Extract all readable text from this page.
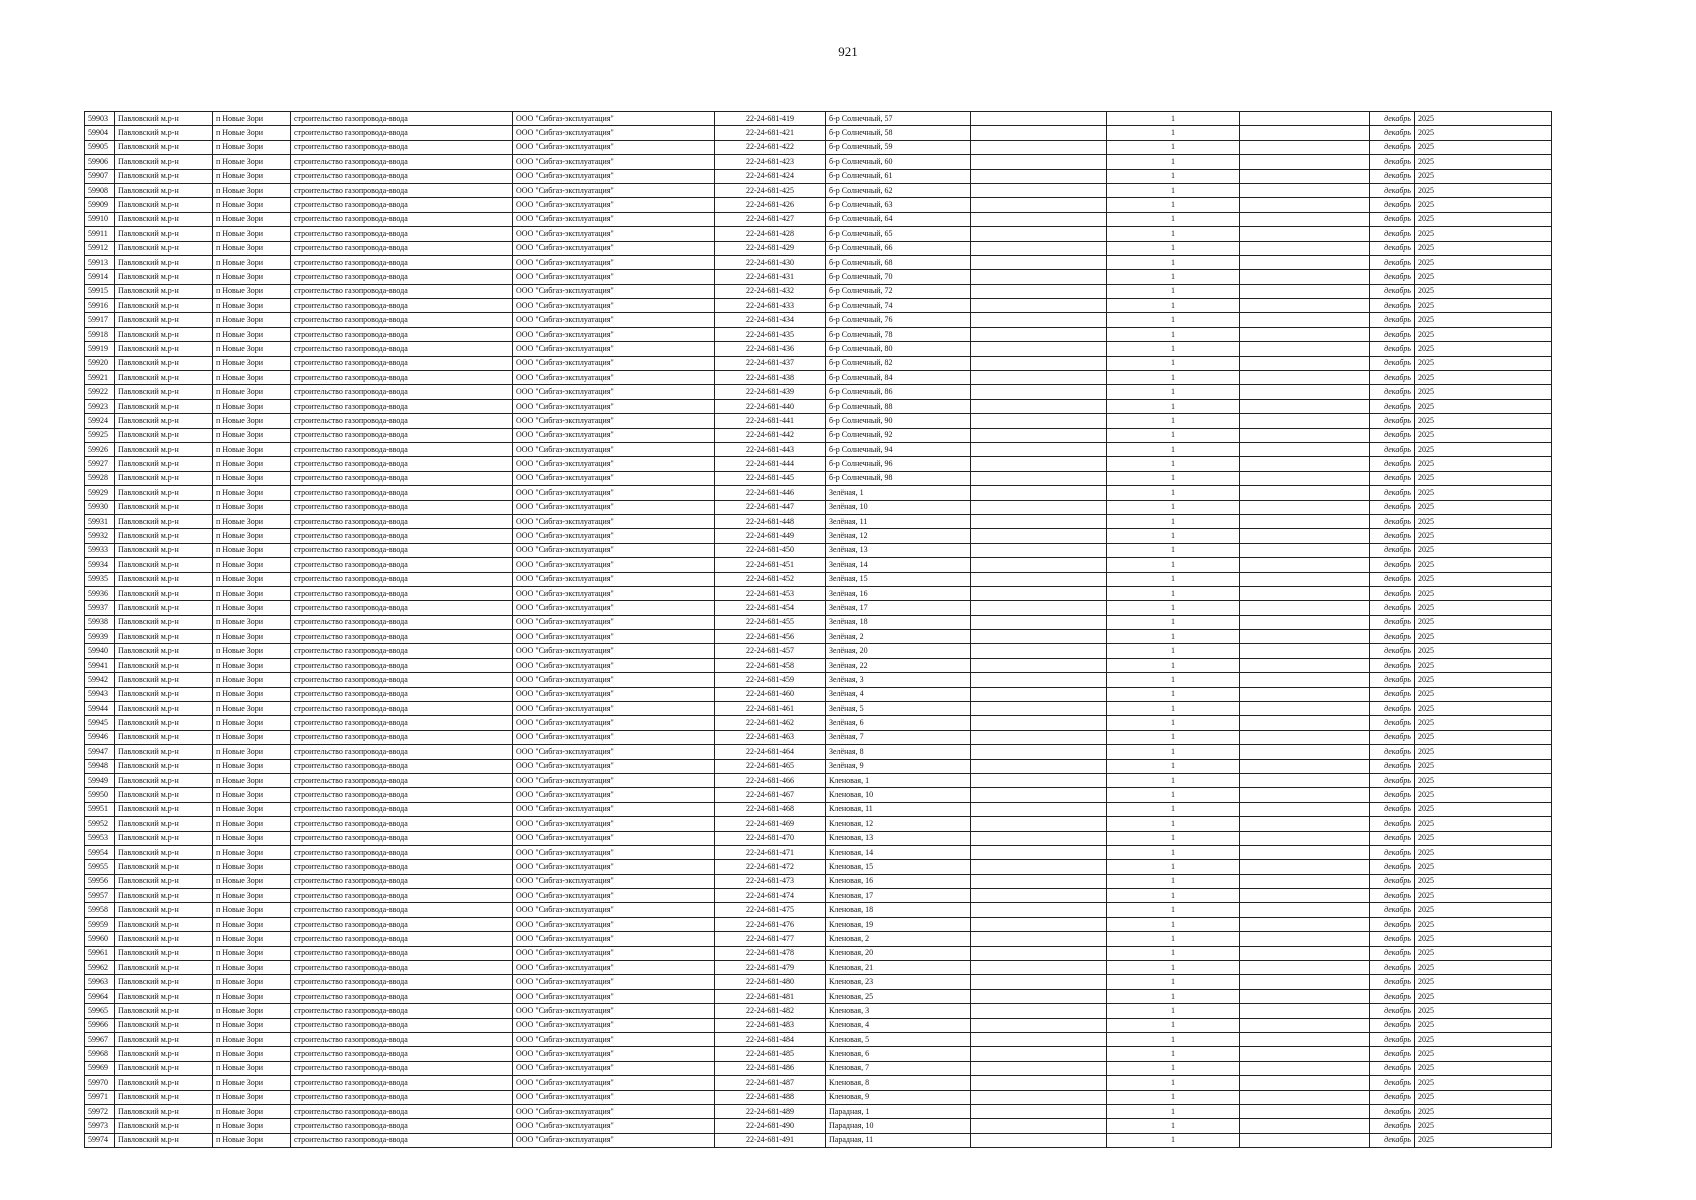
921
59903	Павловский м.р-н	п Новые Зори	строительство газопровода-ввода	ООО "Сибгаз-эксплуатация"	22-24-681-419	б-р Солнечный, 57		1		декабрь	2025
59904	Павловский м.р-н	п Новые Зори	строительство газопровода-ввода	ООО "Сибгаз-эксплуатация"	22-24-681-421	б-р Солнечный, 58		1		декабрь	2025
59905	Павловский м.р-н	п Новые Зори	строительство газопровода-ввода	ООО "Сибгаз-эксплуатация"	22-24-681-422	б-р Солнечный, 59		1		декабрь	2025
59906	Павловский м.р-н	п Новые Зори	строительство газопровода-ввода	ООО "Сибгаз-эксплуатация"	22-24-681-423	б-р Солнечный, 60		1		декабрь	2025
59907	Павловский м.р-н	п Новые Зори	строительство газопровода-ввода	ООО "Сибгаз-эксплуатация"	22-24-681-424	б-р Солнечный, 61		1		декабрь	2025
59908	Павловский м.р-н	п Новые Зори	строительство газопровода-ввода	ООО "Сибгаз-эксплуатация"	22-24-681-425	б-р Солнечный, 62		1		декабрь	2025
59909	Павловский м.р-н	п Новые Зори	строительство газопровода-ввода	ООО "Сибгаз-эксплуатация"	22-24-681-426	б-р Солнечный, 63		1		декабрь	2025
59910	Павловский м.р-н	п Новые Зори	строительство газопровода-ввода	ООО "Сибгаз-эксплуатация"	22-24-681-427	б-р Солнечный, 64		1		декабрь	2025
59911	Павловский м.р-н	п Новые Зори	строительство газопровода-ввода	ООО "Сибгаз-эксплуатация"	22-24-681-428	б-р Солнечный, 65		1		декабрь	2025
59912	Павловский м.р-н	п Новые Зори	строительство газопровода-ввода	ООО "Сибгаз-эксплуатация"	22-24-681-429	б-р Солнечный, 66		1		декабрь	2025
59913	Павловский м.р-н	п Новые Зори	строительство газопровода-ввода	ООО "Сибгаз-эксплуатация"	22-24-681-430	б-р Солнечный, 68		1		декабрь	2025
59914	Павловский м.р-н	п Новые Зори	строительство газопровода-ввода	ООО "Сибгаз-эксплуатация"	22-24-681-431	б-р Солнечный, 70		1		декабрь	2025
59915	Павловский м.р-н	п Новые Зори	строительство газопровода-ввода	ООО "Сибгаз-эксплуатация"	22-24-681-432	б-р Солнечный, 72		1		декабрь	2025
59916	Павловский м.р-н	п Новые Зори	строительство газопровода-ввода	ООО "Сибгаз-эксплуатация"	22-24-681-433	б-р Солнечный, 74		1		декабрь	2025
59917	Павловский м.р-н	п Новые Зори	строительство газопровода-ввода	ООО "Сибгаз-эксплуатация"	22-24-681-434	б-р Солнечный, 76		1		декабрь	2025
59918	Павловский м.р-н	п Новые Зори	строительство газопровода-ввода	ООО "Сибгаз-эксплуатация"	22-24-681-435	б-р Солнечный, 78		1		декабрь	2025
59919	Павловский м.р-н	п Новые Зори	строительство газопровода-ввода	ООО "Сибгаз-эксплуатация"	22-24-681-436	б-р Солнечный, 80		1		декабрь	2025
59920	Павловский м.р-н	п Новые Зори	строительство газопровода-ввода	ООО "Сибгаз-эксплуатация"	22-24-681-437	б-р Солнечный, 82		1		декабрь	2025
59921	Павловский м.р-н	п Новые Зори	строительство газопровода-ввода	ООО "Сибгаз-эксплуатация"	22-24-681-438	б-р Солнечный, 84		1		декабрь	2025
59922	Павловский м.р-н	п Новые Зори	строительство газопровода-ввода	ООО "Сибгаз-эксплуатация"	22-24-681-439	б-р Солнечный, 86		1		декабрь	2025
59923	Павловский м.р-н	п Новые Зори	строительство газопровода-ввода	ООО "Сибгаз-эксплуатация"	22-24-681-440	б-р Солнечный, 88		1		декабрь	2025
59924	Павловский м.р-н	п Новые Зори	строительство газопровода-ввода	ООО "Сибгаз-эксплуатация"	22-24-681-441	б-р Солнечный, 90		1		декабрь	2025
59925	Павловский м.р-н	п Новые Зори	строительство газопровода-ввода	ООО "Сибгаз-эксплуатация"	22-24-681-442	б-р Солнечный, 92		1		декабрь	2025
59926	Павловский м.р-н	п Новые Зори	строительство газопровода-ввода	ООО "Сибгаз-эксплуатация"	22-24-681-443	б-р Солнечный, 94		1		декабрь	2025
59927	Павловский м.р-н	п Новые Зори	строительство газопровода-ввода	ООО "Сибгаз-эксплуатация"	22-24-681-444	б-р Солнечный, 96		1		декабрь	2025
59928	Павловский м.р-н	п Новые Зори	строительство газопровода-ввода	ООО "Сибгаз-эксплуатация"	22-24-681-445	б-р Солнечный, 98		1		декабрь	2025
59929	Павловский м.р-н	п Новые Зори	строительство газопровода-ввода	ООО "Сибгаз-эксплуатация"	22-24-681-446	Зелёная, 1		1		декабрь	2025
59930	Павловский м.р-н	п Новые Зори	строительство газопровода-ввода	ООО "Сибгаз-эксплуатация"	22-24-681-447	Зелёная, 10		1		декабрь	2025
59931	Павловский м.р-н	п Новые Зори	строительство газопровода-ввода	ООО "Сибгаз-эксплуатация"	22-24-681-448	Зелёная, 11		1		декабрь	2025
59932	Павловский м.р-н	п Новые Зори	строительство газопровода-ввода	ООО "Сибгаз-эксплуатация"	22-24-681-449	Зелёная, 12		1		декабрь	2025
59933	Павловский м.р-н	п Новые Зори	строительство газопровода-ввода	ООО "Сибгаз-эксплуатация"	22-24-681-450	Зелёная, 13		1		декабрь	2025
59934	Павловский м.р-н	п Новые Зори	строительство газопровода-ввода	ООО "Сибгаз-эксплуатация"	22-24-681-451	Зелёная, 14		1		декабрь	2025
59935	Павловский м.р-н	п Новые Зори	строительство газопровода-ввода	ООО "Сибгаз-эксплуатация"	22-24-681-452	Зелёная, 15		1		декабрь	2025
59936	Павловский м.р-н	п Новые Зори	строительство газопровода-ввода	ООО "Сибгаз-эксплуатация"	22-24-681-453	Зелёная, 16		1		декабрь	2025
59937	Павловский м.р-н	п Новые Зори	строительство газопровода-ввода	ООО "Сибгаз-эксплуатация"	22-24-681-454	Зелёная, 17		1		декабрь	2025
59938	Павловский м.р-н	п Новые Зори	строительство газопровода-ввода	ООО "Сибгаз-эксплуатация"	22-24-681-455	Зелёная, 18		1		декабрь	2025
59939	Павловский м.р-н	п Новые Зори	строительство газопровода-ввода	ООО "Сибгаз-эксплуатация"	22-24-681-456	Зелёная, 2		1		декабрь	2025
59940	Павловский м.р-н	п Новые Зори	строительство газопровода-ввода	ООО "Сибгаз-эксплуатация"	22-24-681-457	Зелёная, 20		1		декабрь	2025
59941	Павловский м.р-н	п Новые Зори	строительство газопровода-ввода	ООО "Сибгаз-эксплуатация"	22-24-681-458	Зелёная, 22		1		декабрь	2025
59942	Павловский м.р-н	п Новые Зори	строительство газопровода-ввода	ООО "Сибгаз-эксплуатация"	22-24-681-459	Зелёная, 3		1		декабрь	2025
59943	Павловский м.р-н	п Новые Зори	строительство газопровода-ввода	ООО "Сибгаз-эксплуатация"	22-24-681-460	Зелёная, 4		1		декабрь	2025
59944	Павловский м.р-н	п Новые Зори	строительство газопровода-ввода	ООО "Сибгаз-эксплуатация"	22-24-681-461	Зелёная, 5		1		декабрь	2025
59945	Павловский м.р-н	п Новые Зори	строительство газопровода-ввода	ООО "Сибгаз-эксплуатация"	22-24-681-462	Зелёная, 6		1		декабрь	2025
59946	Павловский м.р-н	п Новые Зори	строительство газопровода-ввода	ООО "Сибгаз-эксплуатация"	22-24-681-463	Зелёная, 7		1		декабрь	2025
59947	Павловский м.р-н	п Новые Зори	строительство газопровода-ввода	ООО "Сибгаз-эксплуатация"	22-24-681-464	Зелёная, 8		1		декабрь	2025
59948	Павловский м.р-н	п Новые Зори	строительство газопровода-ввода	ООО "Сибгаз-эксплуатация"	22-24-681-465	Зелёная, 9		1		декабрь	2025
59949	Павловский м.р-н	п Новые Зори	строительство газопровода-ввода	ООО "Сибгаз-эксплуатация"	22-24-681-466	Кленовая, 1		1		декабрь	2025
59950	Павловский м.р-н	п Новые Зори	строительство газопровода-ввода	ООО "Сибгаз-эксплуатация"	22-24-681-467	Кленовая, 10		1		декабрь	2025
59951	Павловский м.р-н	п Новые Зори	строительство газопровода-ввода	ООО "Сибгаз-эксплуатация"	22-24-681-468	Кленовая, 11		1		декабрь	2025
59952	Павловский м.р-н	п Новые Зори	строительство газопровода-ввода	ООО "Сибгаз-эксплуатация"	22-24-681-469	Кленовая, 12		1		декабрь	2025
59953	Павловский м.р-н	п Новые Зори	строительство газопровода-ввода	ООО "Сибгаз-эксплуатация"	22-24-681-470	Кленовая, 13		1		декабрь	2025
59954	Павловский м.р-н	п Новые Зори	строительство газопровода-ввода	ООО "Сибгаз-эксплуатация"	22-24-681-471	Кленовая, 14		1		декабрь	2025
59955	Павловский м.р-н	п Новые Зори	строительство газопровода-ввода	ООО "Сибгаз-эксплуатация"	22-24-681-472	Кленовая, 15		1		декабрь	2025
59956	Павловский м.р-н	п Новые Зори	строительство газопровода-ввода	ООО "Сибгаз-эксплуатация"	22-24-681-473	Кленовая, 16		1		декабрь	2025
59957	Павловский м.р-н	п Новые Зори	строительство газопровода-ввода	ООО "Сибгаз-эксплуатация"	22-24-681-474	Кленовая, 17		1		декабрь	2025
59958	Павловский м.р-н	п Новые Зори	строительство газопровода-ввода	ООО "Сибгаз-эксплуатация"	22-24-681-475	Кленовая, 18		1		декабрь	2025
59959	Павловский м.р-н	п Новые Зори	строительство газопровода-ввода	ООО "Сибгаз-эксплуатация"	22-24-681-476	Кленовая, 19		1		декабрь	2025
59960	Павловский м.р-н	п Новые Зори	строительство газопровода-ввода	ООО "Сибгаз-эксплуатация"	22-24-681-477	Кленовая, 2		1		декабрь	2025
59961	Павловский м.р-н	п Новые Зори	строительство газопровода-ввода	ООО "Сибгаз-эксплуатация"	22-24-681-478	Кленовая, 20		1		декабрь	2025
59962	Павловский м.р-н	п Новые Зори	строительство газопровода-ввода	ООО "Сибгаз-эксплуатация"	22-24-681-479	Кленовая, 21		1		декабрь	2025
59963	Павловский м.р-н	п Новые Зори	строительство газопровода-ввода	ООО "Сибгаз-эксплуатация"	22-24-681-480	Кленовая, 23		1		декабрь	2025
59964	Павловский м.р-н	п Новые Зори	строительство газопровода-ввода	ООО "Сибгаз-эксплуатация"	22-24-681-481	Кленовая, 25		1		декабрь	2025
59965	Павловский м.р-н	п Новые Зори	строительство газопровода-ввода	ООО "Сибгаз-эксплуатация"	22-24-681-482	Кленовая, 3		1		декабрь	2025
59966	Павловский м.р-н	п Новые Зори	строительство газопровода-ввода	ООО "Сибгаз-эксплуатация"	22-24-681-483	Кленовая, 4		1		декабрь	2025
59967	Павловский м.р-н	п Новые Зори	строительство газопровода-ввода	ООО "Сибгаз-эксплуатация"	22-24-681-484	Кленовая, 5		1		декабрь	2025
59968	Павловский м.р-н	п Новые Зори	строительство газопровода-ввода	ООО "Сибгаз-эксплуатация"	22-24-681-485	Кленовая, 6		1		декабрь	2025
59969	Павловский м.р-н	п Новые Зори	строительство газопровода-ввода	ООО "Сибгаз-эксплуатация"	22-24-681-486	Кленовая, 7		1		декабрь	2025
59970	Павловский м.р-н	п Новые Зори	строительство газопровода-ввода	ООО "Сибгаз-эксплуатация"	22-24-681-487	Кленовая, 8		1		декабрь	2025
59971	Павловский м.р-н	п Новые Зори	строительство газопровода-ввода	ООО "Сибгаз-эксплуатация"	22-24-681-488	Кленовая, 9		1		декабрь	2025
59972	Павловский м.р-н	п Новые Зори	строительство газопровода-ввода	ООО "Сибгаз-эксплуатация"	22-24-681-489	Парадная, 1		1		декабрь	2025
59973	Павловский м.р-н	п Новые Зори	строительство газопровода-ввода	ООО "Сибгаз-эксплуатация"	22-24-681-490	Парадная, 10		1		декабрь	2025
59974	Павловский м.р-н	п Новые Зори	строительство газопровода-ввода	ООО "Сибгаз-эксплуатация"	22-24-681-491	Парадная, 11		1		декабрь	2025
